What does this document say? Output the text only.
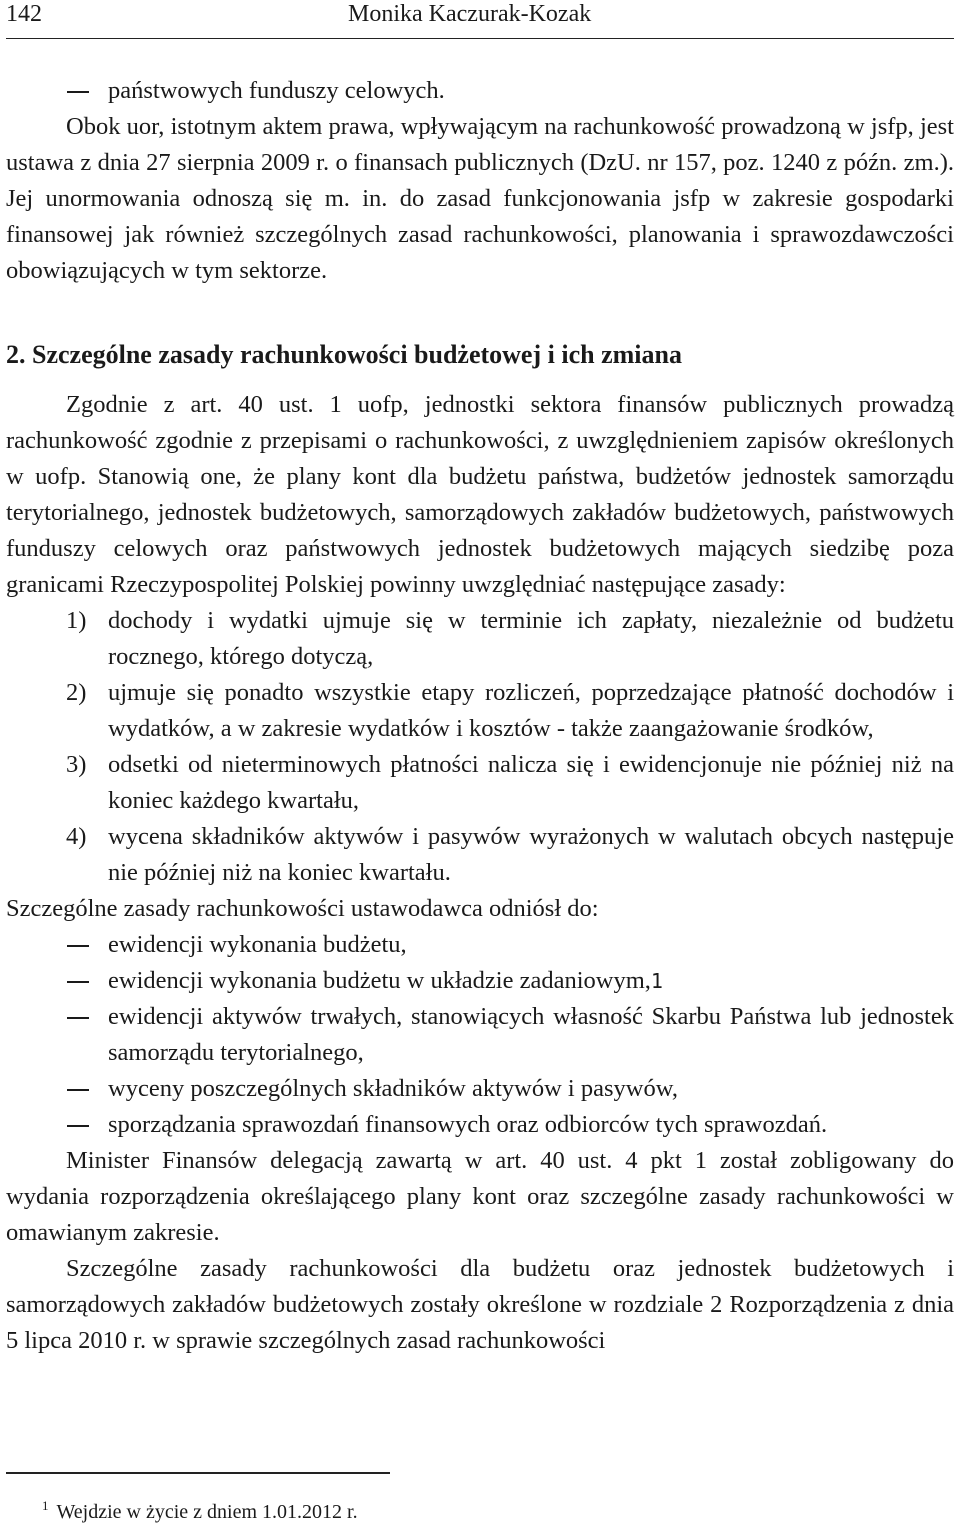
142	Monika Kaczurak-Kozak
państwowych funduszy celowych.

Obok uor, istotnym aktem prawa, wpływającym na rachunkowość prowadzoną w jsfp, jest ustawa z dnia 27 sierpnia 2009 r. o finansach publicznych (DzU. nr 157, poz. 1240 z późn. zm.). Jej unormowania odnoszą się m. in. do zasad funkcjonowania jsfp w zakresie gospodarki finansowej jak również szczególnych zasad rachunkowości, planowania i sprawozdawczości obowiązujących w tym sektorze.

2. Szczególne zasady rachunkowości budżetowej i ich zmiana

Zgodnie z art. 40 ust. 1 uofp, jednostki sektora finansów publicznych prowadzą rachunkowość zgodnie z przepisami o rachunkowości, z uwzględnieniem zapisów określonych w uofp. Stanowią one, że plany kont dla budżetu państwa, budżetów jednostek samorządu terytorialnego, jednostek budżetowych, samorządowych zakładów budżetowych, państwowych funduszy celowych oraz państwowych jednostek budżetowych mających siedzibę poza granicami Rzeczypospolitej Polskiej powinny uwzględniać następujące zasady:

1) dochody i wydatki ujmuje się w terminie ich zapłaty, niezależnie od budżetu rocznego, którego dotyczą,
2) ujmuje się ponadto wszystkie etapy rozliczeń, poprzedzające płatność dochodów i wydatków, a w zakresie wydatków i kosztów - także zaangażowanie środków,
3) odsetki od nieterminowych płatności nalicza się i ewidencjonuje nie później niż na koniec każdego kwartału,
4) wycena składników aktywów i pasywów wyrażonych w walutach obcych następuje nie później niż na koniec kwartału.

Szczególne zasady rachunkowości ustawodawca odniósł do:

ewidencji wykonania budżetu,
ewidencji wykonania budżetu w układzie zadaniowym,1
ewidencji aktywów trwałych, stanowiących własność Skarbu Państwa lub jednostek samorządu terytorialnego,
wyceny poszczególnych składników aktywów i pasywów,
sporządzania sprawozdań finansowych oraz odbiorców tych sprawozdań.

Minister Finansów delegacją zawartą w art. 40 ust. 4 pkt 1 został zobligowany do wydania rozporządzenia określającego plany kont oraz szczególne zasady rachunkowości w omawianym zakresie.

Szczególne zasady rachunkowości dla budżetu oraz jednostek budżetowych i samorządowych zakładów budżetowych zostały określone w rozdziale 2 Rozporządzenia z dnia 5 lipca 2010 r. w sprawie szczególnych zasad rachunkowości

$^1$ Wejdzie w życie z dniem 1.01.2012 r.
